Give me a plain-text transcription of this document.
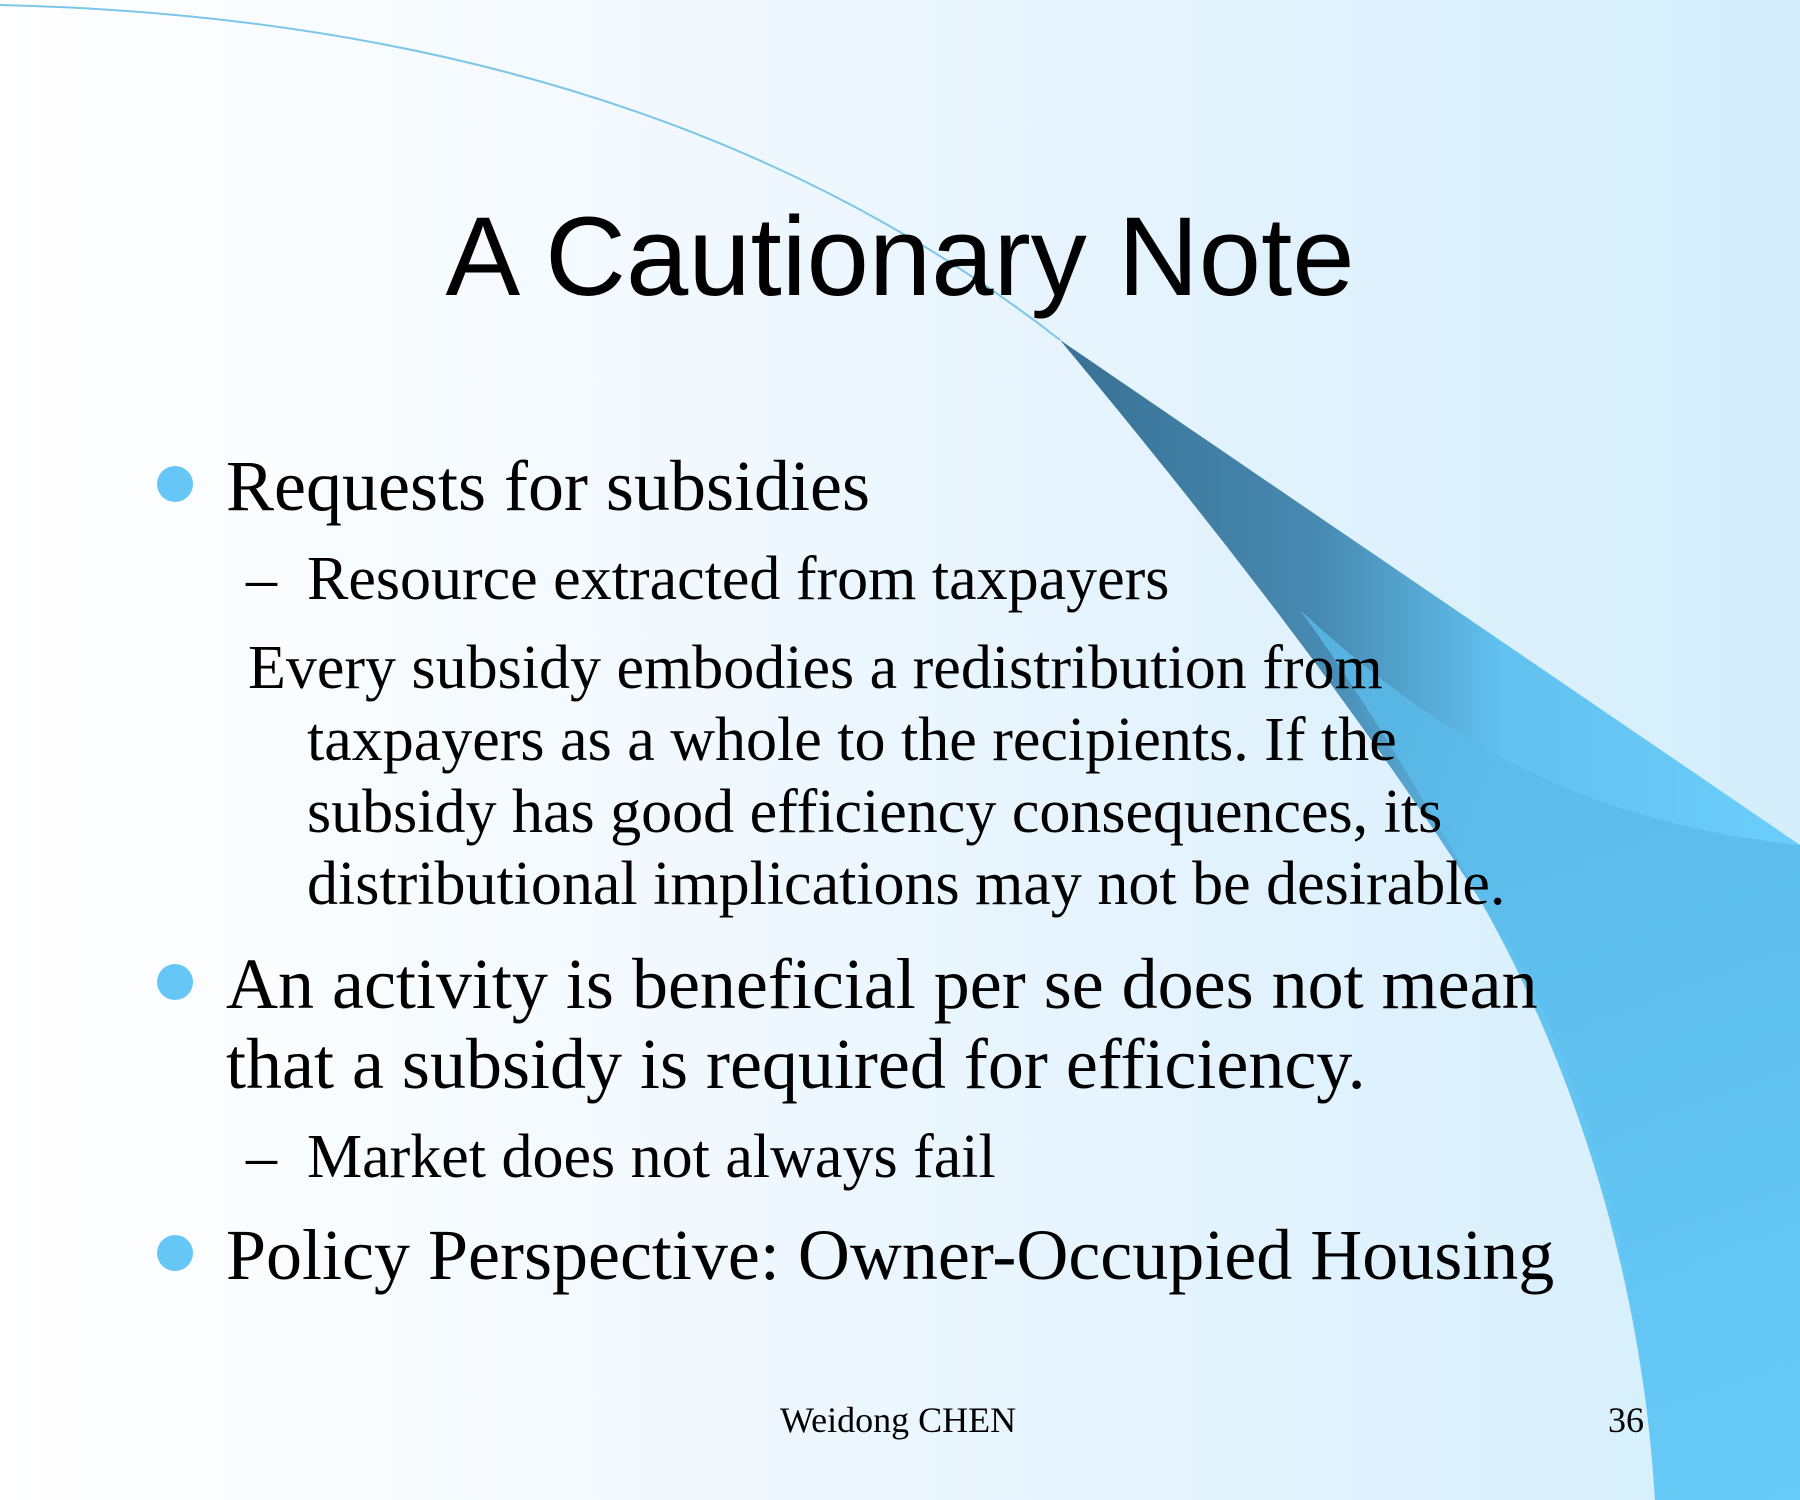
A Cautionary Note
Requests for subsidies
– Resource extracted from taxpayers
Every subsidy embodies a redistribution from
taxpayers as a whole to the recipients. If the
subsidy has good efficiency consequences, its
distributional implications may not be desirable.
An activity is beneficial per se does not mean
that a subsidy is required for efficiency.
– Market does not always fail
Policy Perspective: Owner-Occupied Housing
Weidong CHEN	36
